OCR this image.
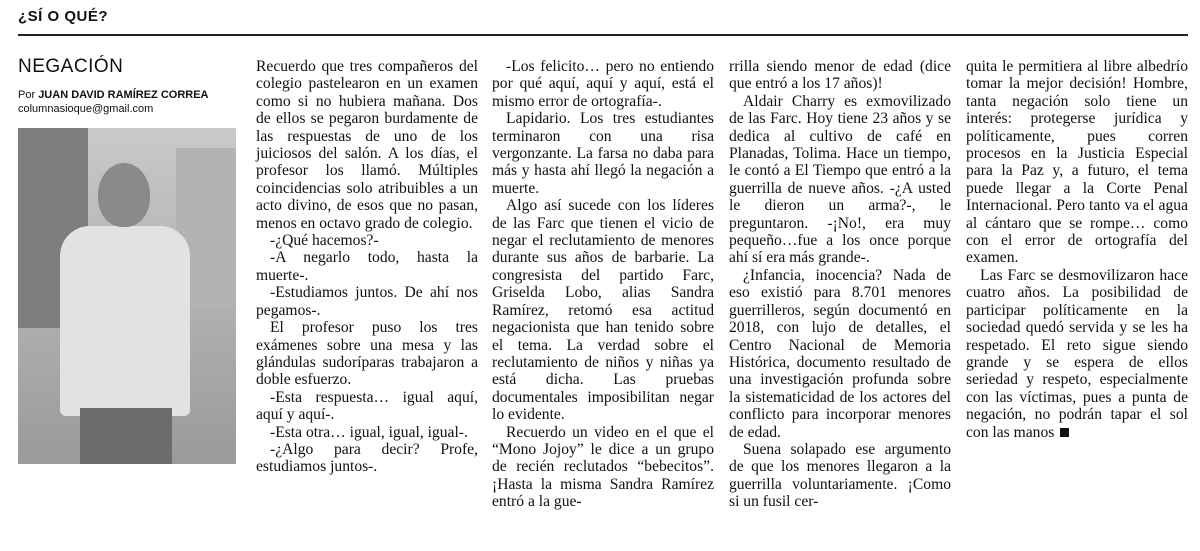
¿SÍ O QUÉ?
NEGACIÓN
Por JUAN DAVID RAMÍREZ CORREA
columnasioque@gmail.com

Recuerdo que tres compañeros del colegio pastelearon en un examen como si no hubiera mañana. Dos de ellos se pegaron burdamente de las respuestas de uno de los juiciosos del salón. A los días, el profesor los llamó. Múltiples coincidencias solo atribuibles a un acto divino, de esos que no pasan, menos en octavo grado de colegio.

-¿Qué hacemos?-

-A negarlo todo, hasta la muerte-.

-Estudiamos juntos. De ahí nos pegamos-.

El profesor puso los tres exámenes sobre una mesa y las glándulas sudoríparas trabajaron a doble esfuerzo.

-Esta respuesta… igual aquí, aquí y aquí-.

-Esta otra… igual, igual, igual-.

-¿Algo para decir? Profe, estudiamos juntos-.

-Los felicito… pero no entiendo por qué aquí, aquí y aquí, está el mismo error de ortografía-.

Lapidario. Los tres estudiantes terminaron con una risa vergonzante. La farsa no daba para más y hasta ahí llegó la negación a muerte.

Algo así sucede con los líderes de las Farc que tienen el vicio de negar el reclutamiento de menores durante sus años de barbarie. La congresista del partido Farc, Griselda Lobo, alias Sandra Ramírez, retomó esa actitud negacionista que han tenido sobre el tema. La verdad sobre el reclutamiento de niños y niñas ya está dicha. Las pruebas documentales imposibilitan negar lo evidente.

Recuerdo un video en el que el “Mono Jojoy” le dice a un grupo de recién reclutados “bebecitos”. ¡Hasta la misma Sandra Ramírez entró a la gue-

rrilla siendo menor de edad (dice que entró a los 17 años)!

Aldair Charry es exmovilizado de las Farc. Hoy tiene 23 años y se dedica al cultivo de café en Planadas, Tolima. Hace un tiempo, le contó a El Tiempo que entró a la guerrilla de nueve años. -¿A usted le dieron un arma?-, le preguntaron. -¡No!, era muy pequeño…fue a los once porque ahí sí era más grande-.

¿Infancia, inocencia? Nada de eso existió para 8.701 menores guerrilleros, según documentó en 2018, con lujo de detalles, el Centro Nacional de Memoria Histórica, documento resultado de una investigación profunda sobre la sistematicidad de los actores del conflicto para incorporar menores de edad.

Suena solapado ese argumento de que los menores llegaron a la guerrilla voluntariamente. ¡Como si un fusil cer-

quita le permitiera al libre albedrío tomar la mejor decisión! Hombre, tanta negación solo tiene un interés: protegerse jurídica y políticamente, pues corren procesos en la Justicia Especial para la Paz y, a futuro, el tema puede llegar a la Corte Penal Internacional. Pero tanto va el agua al cántaro que se rompe… como con el error de ortografía del examen.

Las Farc se desmovilizaron hace cuatro años. La posibilidad de participar políticamente en la sociedad quedó servida y se les ha respetado. El reto sigue siendo grande y se espera de ellos seriedad y respeto, especialmente con las víctimas, pues a punta de negación, no podrán tapar el sol con las manos
